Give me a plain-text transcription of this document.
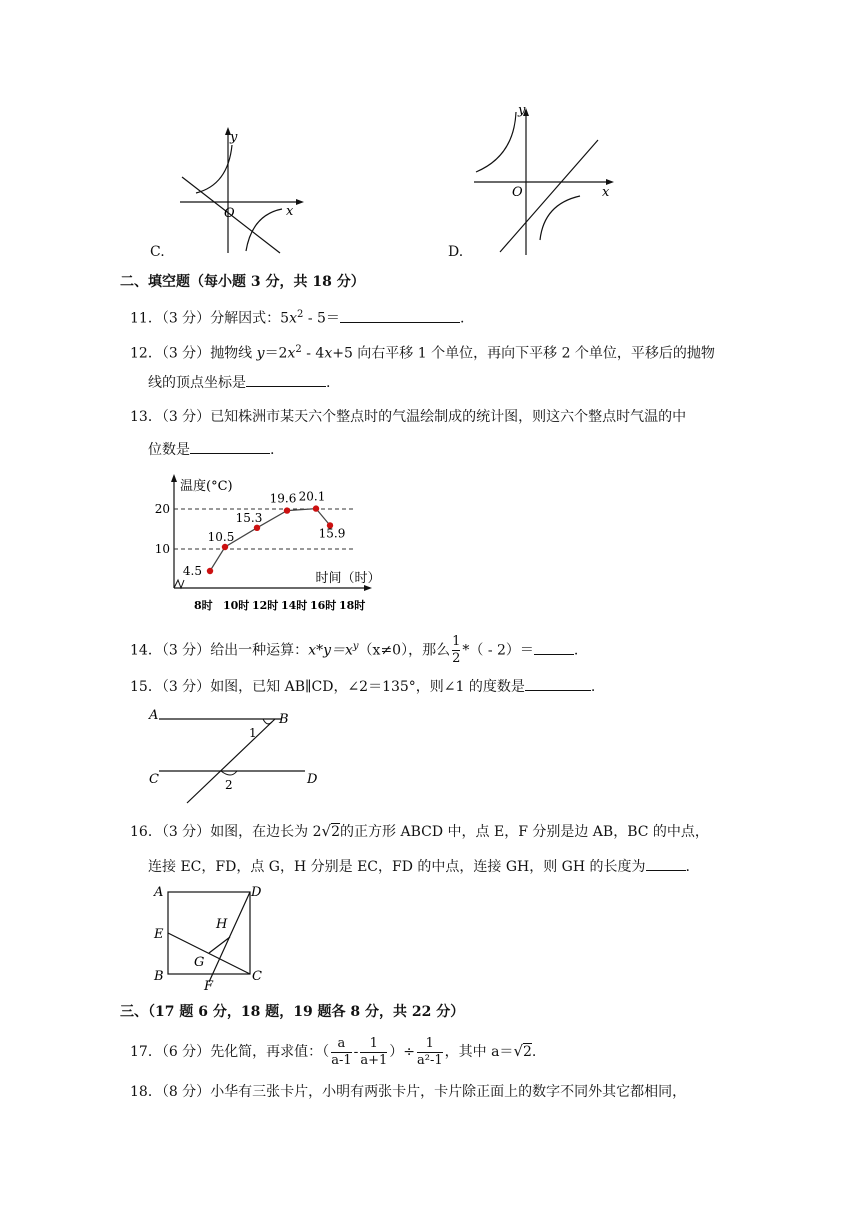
y
O	x
C.
y
O	x
D.
二、填空题（每小题 3 分，共 18 分）
11．（3 分）分解因式：$5x^2 - 5=$	.
12．（3 分）抛物线 $y=2x^2 - 4x+5$ 向右平移 1 个单位，再向下平移 2 个单位，平移后的抛物
线的顶点坐标是	.
13．（3 分）已知株洲市某天六个整点时的气温绘制成的统计图，则这六个整点时气温的中
位数是	.
温度(°C)
时间（时）
10
20
4.5
10.5
15.3
19.6 20.1
15.9
8时 10时 12时 14时 16时 18时
14．（3 分）给出一种运算：$x*y=x^y(x\ne 0)$，那么 $\frac{1}{2}$ *（ - 2）＝	.
15．（3 分）如图，已知 AB∥CD，∠2＝135°，则∠1 的度数是	.
A	B
C	D
1
2
16．（3 分）如图，在边长为 2√2的正方形 ABCD 中，点 E，F 分别是边 AB，BC 的中点，
连接 EC，FD，点 G，H 分别是 EC，FD 的中点，连接 GH，则 GH 的长度为	.
A	D
E
B	C
F
G
H
三、（17 题 6 分，18 题，19 题各 8 分，共 22 分）
17．（6 分）先化简，再求值：（ $\frac{a}{a-1} - \frac{1}{a+1}$ ）÷ $\frac{1}{\text{a²-1}}$ ，其中 a＝√2.
18．（8 分）小华有三张卡片，小明有两张卡片，卡片除正面上的数字不同外其它都相同，
